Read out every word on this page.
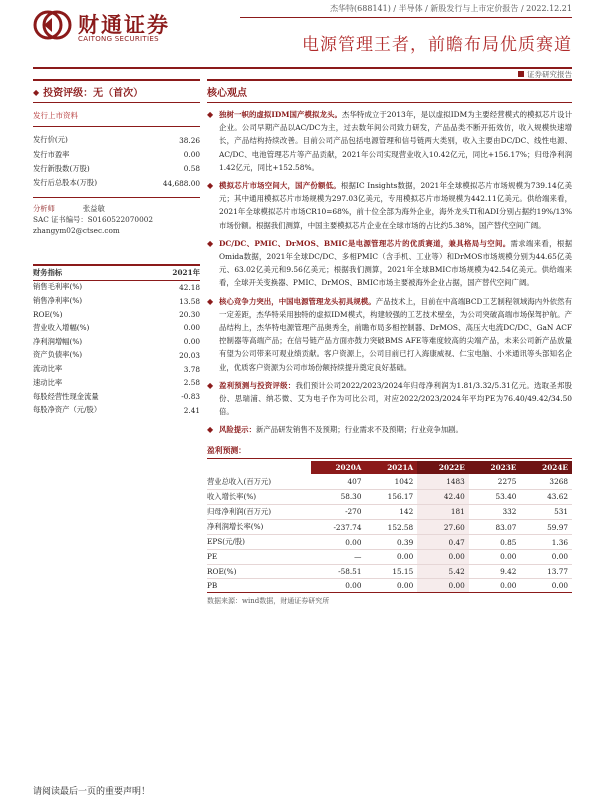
财通证券
CAITONG SECURITIES
杰华特(688141) / 半导体 / 新股发行与上市定价报告 / 2022.12.21
电源管理王者，前瞻布局优质赛道
证券研究报告
◆ 投资评级：无（首次）
发行上市资料
发行价(元)	38.26
发行市盈率	0.00
发行新股数(万股)	0.58
发行后总股本(万股)	44,688.00
分析师	张益敏
SAC 证书编号：S0160522070002
zhangym02@ctsec.com
财务指标	2021年
销售毛利率(%)	42.18
销售净利率(%)	13.58
ROE(%)	20.30
营业收入增幅(%)	0.00
净利润增幅(%)	0.00
资产负债率(%)	20.03
流动比率	3.78
速动比率	2.58
每股经营性现金流量	-0.83
每股净资产（元/股）	2.41
核心观点
◆ 独树一帜的虚拟IDM国产模拟龙头。杰华特成立于2013年，是以虚拟IDM为主要经营模式的模拟芯片设计企业。公司早期产品以AC/DC为主，过去数年间公司致力研发，产品品类不断开拓效仿，收入规模快速增长，产品结构持续改善。目前公司产品包括电源管理和信号链两大类别，收入主要由DC/DC、线性电源、AC/DC、电池管理芯片等产品贡献，2021年公司实现营业收入10.42亿元，同比+156.17%；归母净利润1.42亿元，同比+152.58%。
◆ 模拟芯片市场空间大，国产份额低。根据IC Insights数据，2021年全球模拟芯片市场规模为739.14亿美元；其中通用模拟芯片市场规模为297.03亿美元，专用模拟芯片市场规模为442.11亿美元。供给端来看，2021年全球模拟芯片市场CR10=68%，前十位全部为海外企业，海外龙头TI和ADI分别占据约19%/13%市场份额。根据我们测算，中国主要模拟芯片企业在全球市场的占比约5.38%，国产替代空间广阔。
◆ DC/DC、PMIC、DrMOS、BMIC是电源管理芯片的优质赛道，兼具格局与空间。需求端来看，根据Omida数据，2021年全球DC/DC、多相PMIC（含手机、工业等）和DrMOS市场规模分别为44.65亿美元、63.02亿美元和9.56亿美元；根据我们测算，2021年全球BMIC市场规模为42.54亿美元。供给端来看，全球开关变换器、PMIC、DrMOS、BMIC市场主要被海外企业占据，国产替代空间广阔。
◆ 核心竞争力突出，中国电源管理龙头初具规模。产品技术上，目前在中高端BCD工艺制程领域海内外依然有一定差距，杰华特采用独特的虚拟IDM模式，构建较强的工艺技术壁垒，为公司突破高端市场保驾护航。产品结构上，杰华特电源管理产品奥秀全，前瞻布局多相控制器、DrMOS、高压大电流DC/DC、GaN ACF控制器等高端产品；在信号链产品方面亦鼓力突破BMS AFE等难度较高的尖端产品，未来公司新产品放量有望为公司带来可观业绩贡献。客户资源上，公司目前已打入海康威视、仁宝电脑、小米通讯等头部知名企业，优质客户资源为公司市场份额持续提升奠定良好基础。
◆ 盈利预测与投资评级：我们预计公司2022/2023/2024年归母净利润为1.81/3.32/5.31亿元。选取圣邦股份、思瑞浦、纳芯微、艾为电子作为可比公司，对应2022/2023/2024年平均PE为76.40/49.42/34.50倍。
◆ 风险提示：新产品研发销售不及预期；行业需求不及预期；行业竞争加剧。
盈利预测：
	2020A	2021A	2022E	2023E	2024E
营业总收入(百万元)	407	1042	1483	2275	3268
收入增长率(%)	58.30	156.17	42.40	53.40	43.62
归母净利润(百万元)	-270	142	181	332	531
净利润增长率(%)	-237.74	152.58	27.60	83.07	59.97
EPS(元/股)	0.00	0.39	0.47	0.85	1.36
PE	—	0.00	0.00	0.00	0.00
ROE(%)	-58.51	15.15	5.42	9.42	13.77
PB	0.00	0.00	0.00	0.00	0.00
数据来源：wind数据，财通证券研究所
请阅读最后一页的重要声明！
